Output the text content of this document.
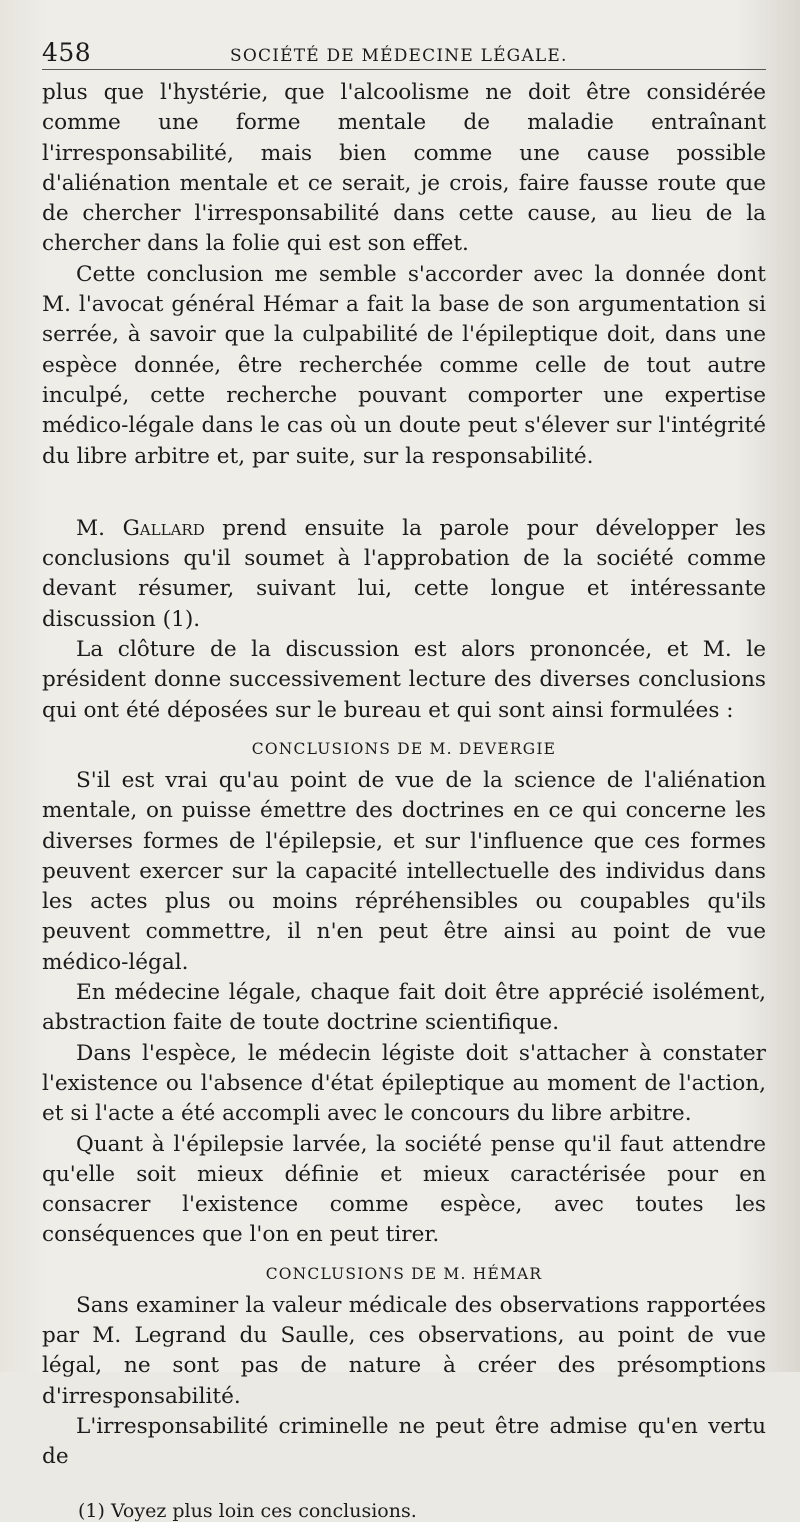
458	SOCIÉTÉ DE MÉDECINE LÉGALE.

plus que l'hystérie, que l'alcoolisme ne doit être considérée comme une forme mentale de maladie entraînant l'irresponsabilité, mais bien comme une cause possible d'aliénation mentale et ce serait, je crois, faire fausse route que de chercher l'irresponsabilité dans cette cause, au lieu de la chercher dans la folie qui est son effet.

Cette conclusion me semble s'accorder avec la donnée dont M. l'avocat général Hémar a fait la base de son argumentation si serrée, à savoir que la culpabilité de l'épileptique doit, dans une espèce donnée, être recherchée comme celle de tout autre inculpé, cette recherche pouvant comporter une expertise médico-légale dans le cas où un doute peut s'élever sur l'intégrité du libre arbitre et, par suite, sur la responsabilité.

M. Gallard prend ensuite la parole pour développer les conclusions qu'il soumet à l'approbation de la société comme devant résumer, suivant lui, cette longue et intéressante discussion (1).

La clôture de la discussion est alors prononcée, et M. le président donne successivement lecture des diverses conclusions qui ont été déposées sur le bureau et qui sont ainsi formulées :

CONCLUSIONS DE M. DEVERGIE

S'il est vrai qu'au point de vue de la science de l'aliénation mentale, on puisse émettre des doctrines en ce qui concerne les diverses formes de l'épilepsie, et sur l'influence que ces formes peuvent exercer sur la capacité intellectuelle des individus dans les actes plus ou moins répréhensibles ou coupables qu'ils peuvent commettre, il n'en peut être ainsi au point de vue médico-légal.

En médecine légale, chaque fait doit être apprécié isolément, abstraction faite de toute doctrine scientifique.

Dans l'espèce, le médecin légiste doit s'attacher à constater l'existence ou l'absence d'état épileptique au moment de l'action, et si l'acte a été accompli avec le concours du libre arbitre.

Quant à l'épilepsie larvée, la société pense qu'il faut attendre qu'elle soit mieux définie et mieux caractérisée pour en consacrer l'existence comme espèce, avec toutes les conséquences que l'on en peut tirer.

CONCLUSIONS DE M. HÉMAR

Sans examiner la valeur médicale des observations rapportées par M. Legrand du Saulle, ces observations, au point de vue légal, ne sont pas de nature à créer des présomptions d'irresponsabilité.

L'irresponsabilité criminelle ne peut être admise qu'en vertu de

(1) Voyez plus loin ces conclusions.
